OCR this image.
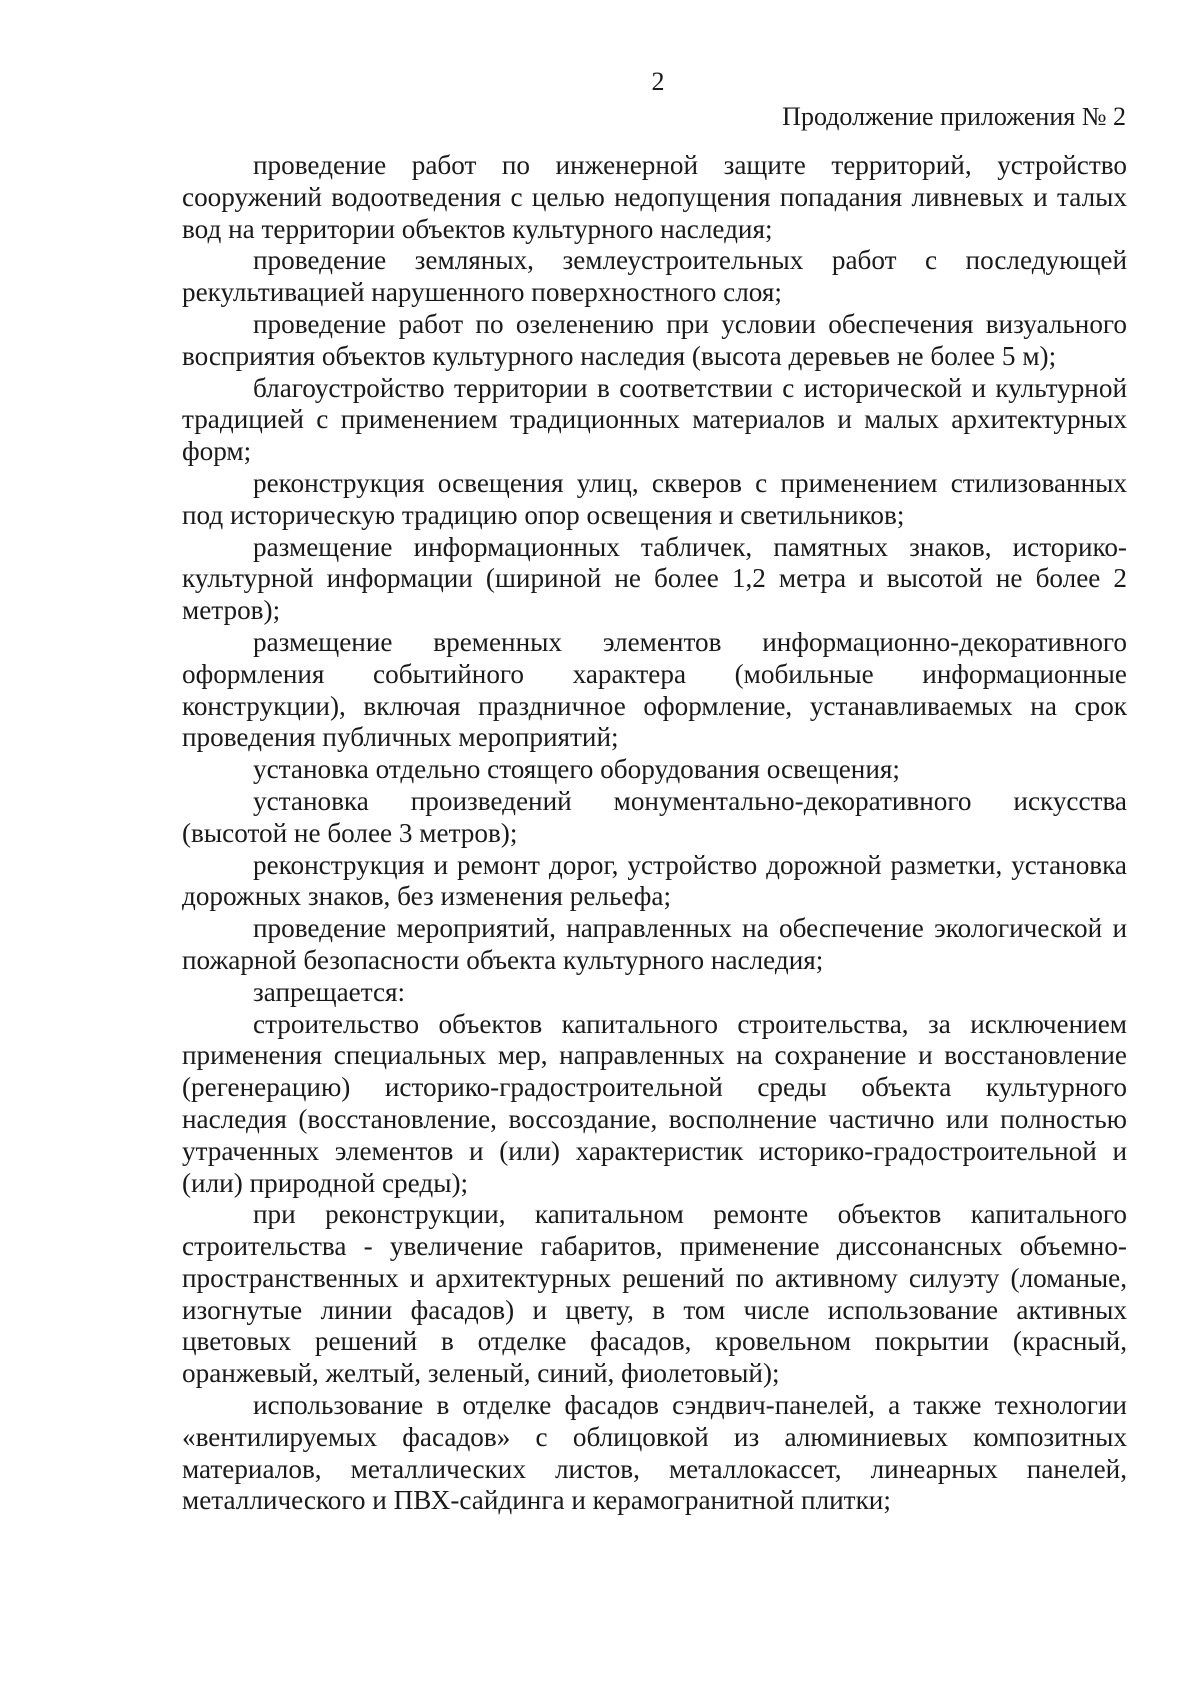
2
Продолжение приложения № 2

проведение работ по инженерной защите территорий, устройство сооружений водоотведения с целью недопущения попадания ливневых и талых вод на территории объектов культурного наследия;

проведение земляных, землеустроительных работ с последующей рекультивацией нарушенного поверхностного слоя;

проведение работ по озеленению при условии обеспечения визуального восприятия объектов культурного наследия (высота деревьев не более 5 м);

благоустройство территории в соответствии с исторической и культурной традицией с применением традиционных материалов и малых архитектурных форм;

реконструкция освещения улиц, скверов с применением стилизованных под историческую традицию опор освещения и светильников;

размещение информационных табличек, памятных знаков, историко-культурной информации (шириной не более 1,2 метра и высотой не более 2 метров);

размещение временных элементов информационно-декоративного оформления событийного характера (мобильные информационные конструкции), включая праздничное оформление, устанавливаемых на срок проведения публичных мероприятий;

установка отдельно стоящего оборудования освещения;

установка произведений монументально-декоративного искусства (высотой не более 3 метров);

реконструкция и ремонт дорог, устройство дорожной разметки, установка дорожных знаков, без изменения рельефа;

проведение мероприятий, направленных на обеспечение экологической и пожарной безопасности объекта культурного наследия;

запрещается:

строительство объектов капитального строительства, за исключением применения специальных мер, направленных на сохранение и восстановление (регенерацию) историко-градостроительной среды объекта культурного наследия (восстановление, воссоздание, восполнение частично или полностью утраченных элементов и (или) характеристик историко-градостроительной и (или) природной среды);

при реконструкции, капитальном ремонте объектов капитального строительства - увеличение габаритов, применение диссонансных объемно-пространственных и архитектурных решений по активному силуэту (ломаные, изогнутые линии фасадов) и цвету, в том числе использование активных цветовых решений в отделке фасадов, кровельном покрытии (красный, оранжевый, желтый, зеленый, синий, фиолетовый);

использование в отделке фасадов сэндвич-панелей, а также технологии «вентилируемых фасадов» с облицовкой из алюминиевых композитных материалов, металлических листов, металлокассет, линеарных панелей, металлического и ПВХ-сайдинга и керамогранитной плитки;
